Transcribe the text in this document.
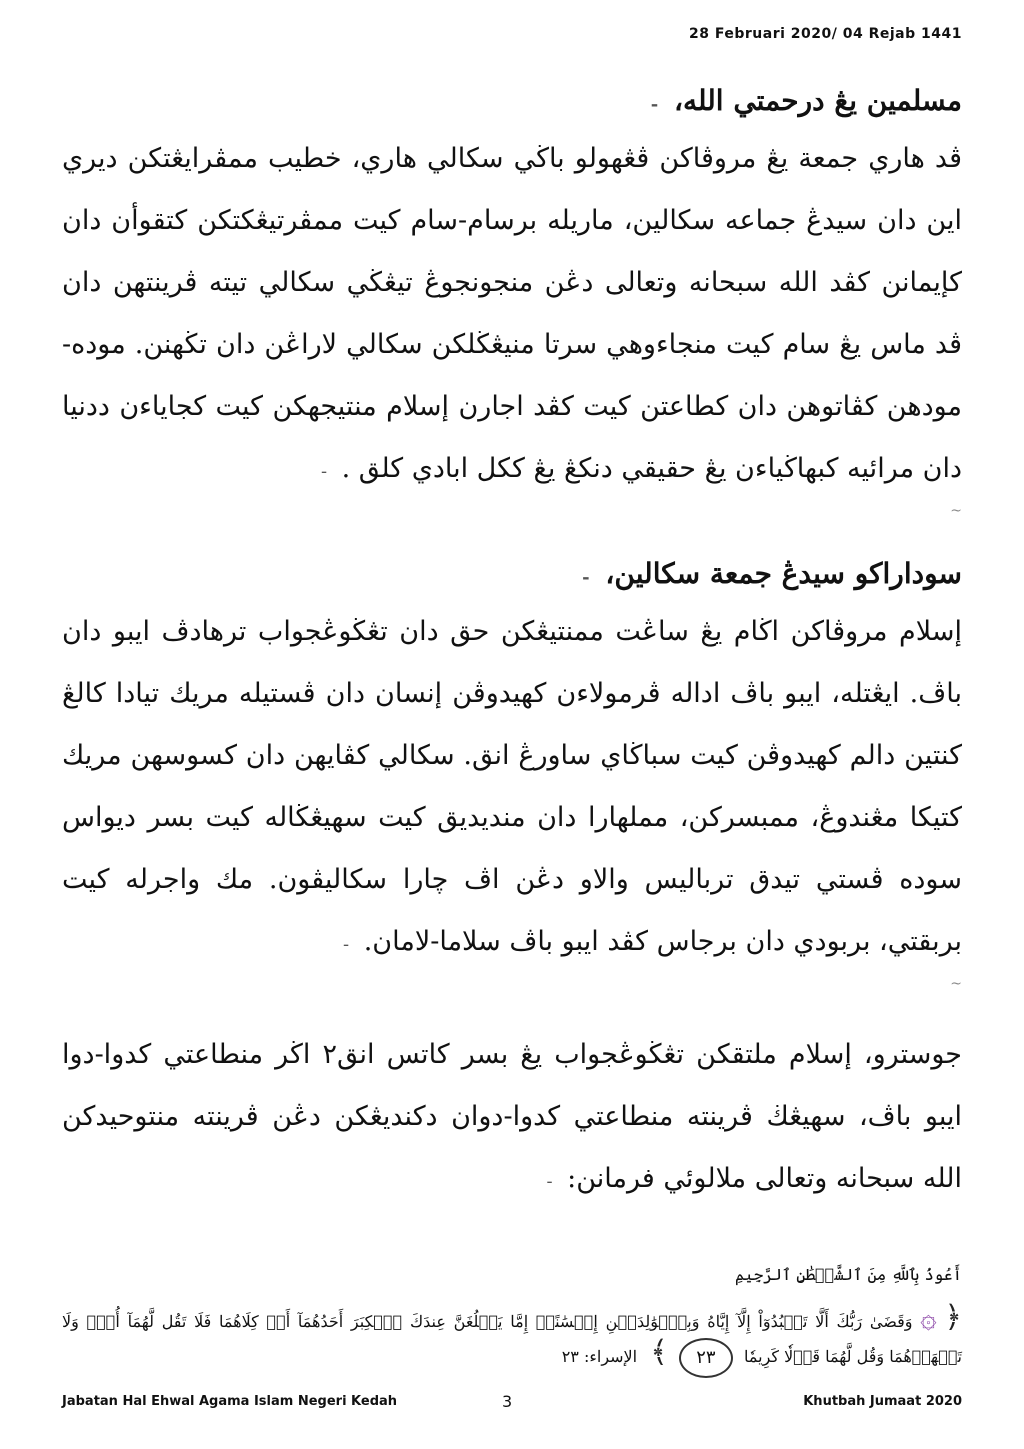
28 Februari 2020/ 04 Rejab 1441

مسلمين يڠ درحمتي الله، -

ڤد هاري جمعة يڠ مروڤاكن ڤڠهولو باڬي سكالي هاري، خطيب ممڤرايڠتكن ديري اين دان سيدڠ جماعه سكالين، ماريله برسام-سام كيت ممڤرتيڠكتكن كتقوأن دان كإيمانن كڤد الله سبحانه وتعالى دڠن منجونجوڠ تيڠڬي سكالي تيته ڤرينتهن دان ڤد ماس يڠ سام كيت منجاءوهي سرتا منيڠڬلكن سكالي لاراڠن دان تڬهنن. موده-مودهن كڤاتوهن دان كطاعتن كيت كڤد اجارن إسلام منتيجهكن كيت كجاياءن ددنيا دان مرائيه كبهاڬياءن يڠ حقيقي دنكڠ يڠ ككل ابادي كلق . -

~

سوداراكو سيدڠ جمعة سكالين، -

إسلام مروڤاكن اڬام يڠ ساڠت ممنتيڠكن حق دان تڠڬوڠجواب ترهادڤ ايبو دان باڤ. ايڠتله، ايبو باڤ اداله ڤرمولاءن كهيدوڤن إنسان دان ڤستيله مريك تيادا كالڠ كنتين دالم كهيدوڤن كيت سباڬاي ساورڠ انق. سكالي كڤايهن دان كسوسهن مريك كتيكا مڠندوڠ، ممبسركن، مملهارا دان منديديق كيت سهيڠڬاله كيت بسر ديواس سوده ڤستي تيدق ترباليس والاو دڠن اڤ چارا سكاليڤون. مك واجرله كيت بربقتي، بربودي دان برجاس كڤد ايبو باڤ سلاما-لامان. -

~

جوسترو، إسلام ملتقكن تڠڬوڠجواب يڠ بسر كاتس انق٢ اڬر منطاعتي كدوا-دوا ايبو باڤ، سهيڠڬ ڤرينته منطاعتي كدوا-دوان دكنديڠكن دڠن ڤرينته منتوحيدكن الله سبحانه وتعالى ملالوئي فرمانن: -

أَعُوذُ بِٱللَّهِ مِنَ ٱلشَّيۡطَٰنِ ٱلرَّجِيمِ

﴿ ۞ وَقَضَىٰ رَبُّكَ أَلَّا تَعۡبُدُوٓاْ إِلَّآ إِيَّاهُ وَبِٱلۡوَٰلِدَيۡنِ إِحۡسَٰنًاۚ إِمَّا يَبۡلُغَنَّ عِندَكَ ٱلۡكِبَرَ أَحَدُهُمَآ أَوۡ كِلَاهُمَا فَلَا تَقُل لَّهُمَآ أُفّٖ وَلَا تَنۡهَرۡهُمَا وَقُل لَّهُمَا قَوۡلٗا كَرِيمٗا ٢٣ ﴾ الإسراء: ٢٣

Jabatan Hal Ehwal Agama Islam Negeri Kedah	3	Khutbah Jumaat 2020
